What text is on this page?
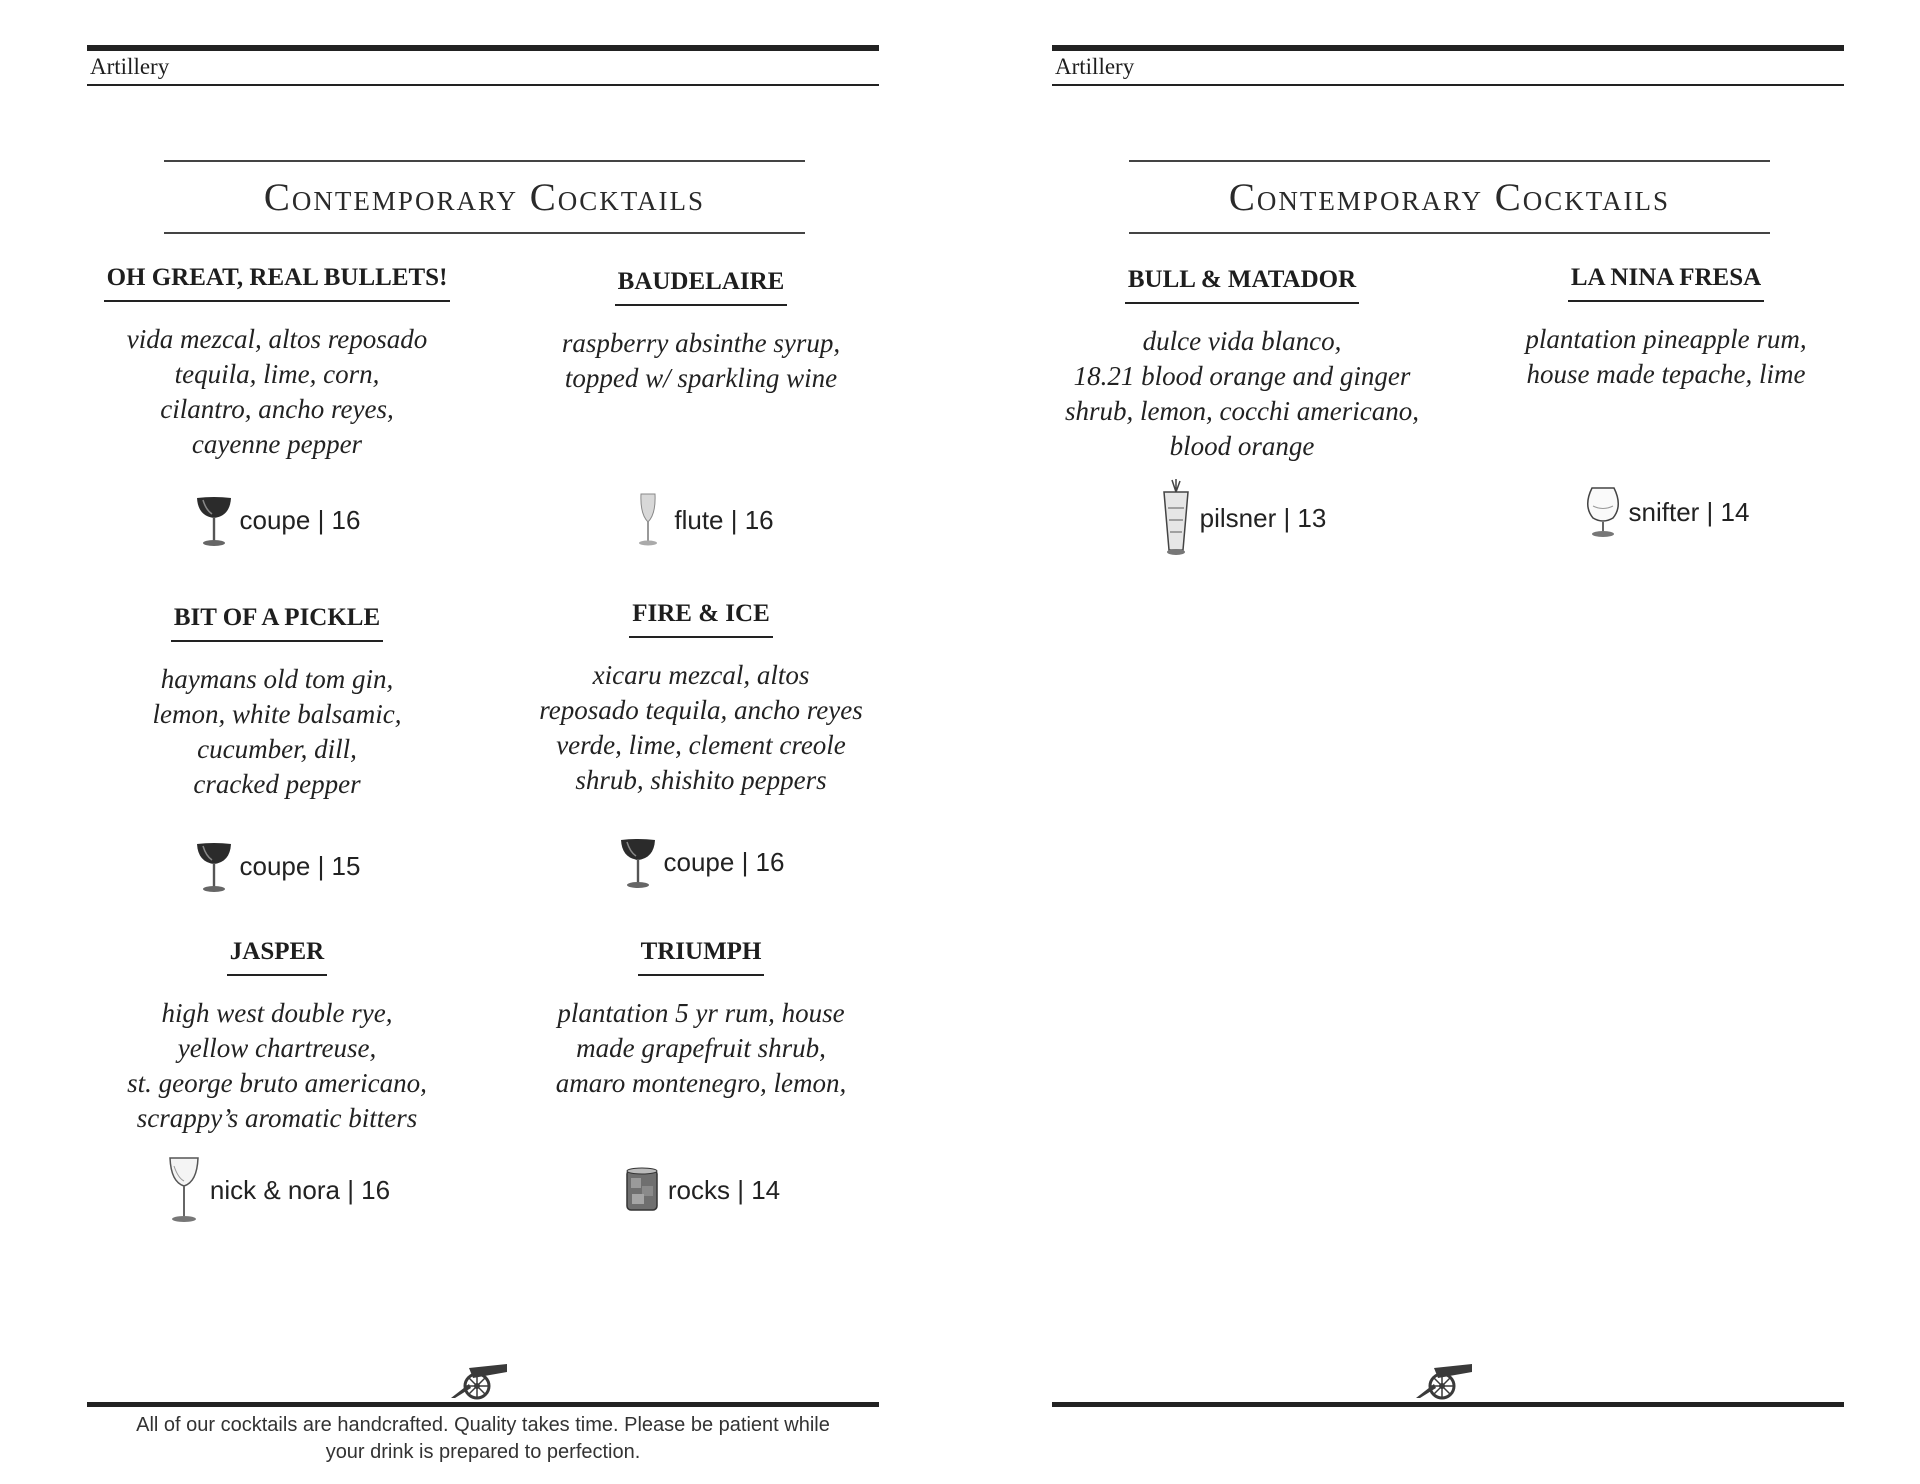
Artillery
Contemporary Cocktails
OH GREAT, REAL BULLETS!
vida mezcal, altos reposado
tequila, lime, corn,
cilantro, ancho reyes,
cayenne pepper
coupe | 16
BAUDELAIRE
raspberry absinthe syrup,
topped w/ sparkling wine
flute | 16
BIT OF A PICKLE
haymans old tom gin,
lemon, white balsamic,
cucumber, dill,
cracked pepper
coupe | 15
FIRE & ICE
xicaru mezcal, altos
reposado tequila, ancho reyes
verde, lime, clement creole
shrub, shishito peppers
coupe | 16
JASPER
high west double rye,
yellow chartreuse,
st. george bruto americano,
scrappy’s aromatic bitters
nick & nora | 16
TRIUMPH
plantation 5 yr rum, house
made grapefruit shrub,
amaro montenegro, lemon,
rocks | 14
All of our cocktails are handcrafted. Quality takes time. Please be patient while
your drink is prepared to perfection.
Artillery
Contemporary Cocktails
BULL & MATADOR
dulce vida blanco,
18.21 blood orange and ginger
shrub, lemon, cocchi americano,
blood orange
pilsner | 13
LA NINA FRESA
plantation pineapple rum,
house made tepache, lime
snifter | 14
